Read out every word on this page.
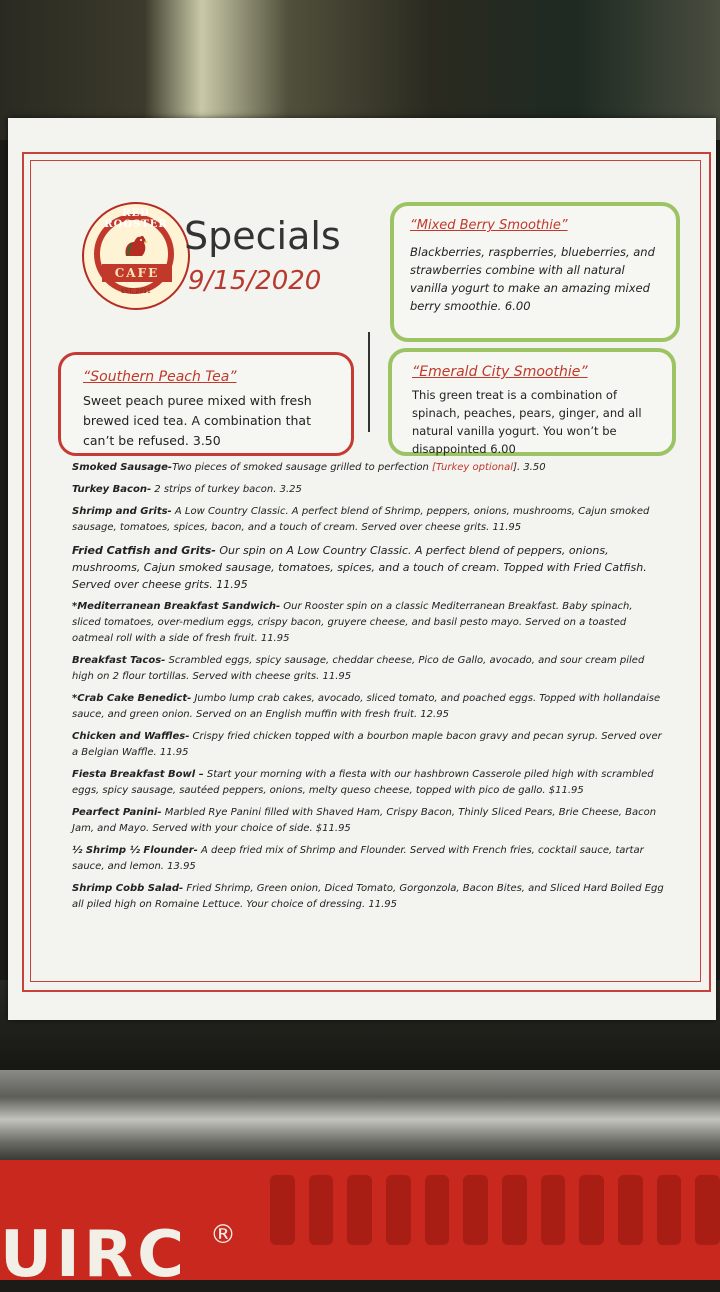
UIRC ®
RED ROOSTER
CAFE
EST. 2011
Specials
9/15/2020
“Mixed Berry Smoothie”
Blackberries, raspberries, blueberries, and strawberries combine with all natural vanilla yogurt to make an amazing mixed berry smoothie. 6.00
“Southern Peach Tea”
Sweet peach puree mixed with fresh brewed iced tea. A combination that can’t be refused. 3.50
“Emerald City Smoothie”
This green treat is a combination of spinach, peaches, pears, ginger, and all natural vanilla yogurt. You won’t be disappointed 6.00
Smoked Sausage-Two pieces of smoked sausage grilled to perfection [Turkey optional]. 3.50
Turkey Bacon- 2 strips of turkey bacon. 3.25
Shrimp and Grits- A Low Country Classic. A perfect blend of Shrimp, peppers, onions, mushrooms, Cajun smoked sausage, tomatoes, spices, bacon, and a touch of cream. Served over cheese grits. 11.95
Fried Catfish and Grits- Our spin on A Low Country Classic. A perfect blend of peppers, onions, mushrooms, Cajun smoked sausage, tomatoes, spices, and a touch of cream. Topped with Fried Catfish. Served over cheese grits. 11.95
*Mediterranean Breakfast Sandwich- Our Rooster spin on a classic Mediterranean Breakfast. Baby spinach, sliced tomatoes, over-medium eggs, crispy bacon, gruyere cheese, and basil pesto mayo. Served on a toasted oatmeal roll with a side of fresh fruit. 11.95
Breakfast Tacos- Scrambled eggs, spicy sausage, cheddar cheese, Pico de Gallo, avocado, and sour cream piled high on 2 flour tortillas. Served with cheese grits. 11.95
*Crab Cake Benedict- Jumbo lump crab cakes, avocado, sliced tomato, and poached eggs. Topped with hollandaise sauce, and green onion. Served on an English muffin with fresh fruit. 12.95
Chicken and Waffles- Crispy fried chicken topped with a bourbon maple bacon gravy and pecan syrup. Served over a Belgian Waffle. 11.95
Fiesta Breakfast Bowl – Start your morning with a fiesta with our hashbrown Casserole piled high with scrambled eggs, spicy sausage, sautéed peppers, onions, melty queso cheese, topped with pico de gallo. $11.95
Pearfect Panini- Marbled Rye Panini filled with Shaved Ham, Crispy Bacon, Thinly Sliced Pears, Brie Cheese, Bacon Jam, and Mayo. Served with your choice of side. $11.95
½ Shrimp ½ Flounder- A deep fried mix of Shrimp and Flounder. Served with French fries, cocktail sauce, tartar sauce, and lemon. 13.95
Shrimp Cobb Salad- Fried Shrimp, Green onion, Diced Tomato, Gorgonzola, Bacon Bites, and Sliced Hard Boiled Egg all piled high on Romaine Lettuce. Your choice of dressing. 11.95
